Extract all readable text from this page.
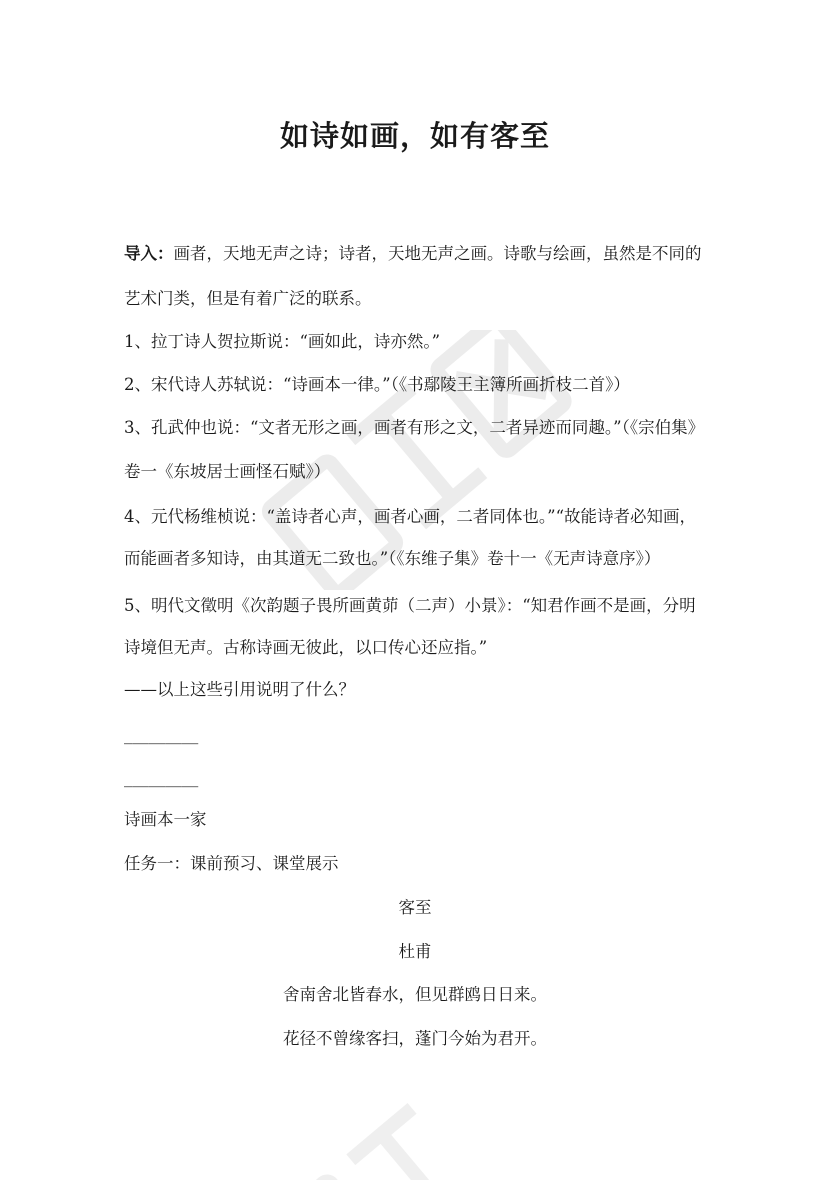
如诗如画，如有客至
导入：画者，天地无声之诗；诗者，天地无声之画。诗歌与绘画，虽然是不同的
艺术门类，但是有着广泛的联系。
1、拉丁诗人贺拉斯说：“画如此，诗亦然。”
2、宋代诗人苏轼说：“诗画本一律。”（《书鄢陵王主簿所画折枝二首》）
3、孔武仲也说：“文者无形之画，画者有形之文，二者异迹而同趣。”（《宗伯集》
卷一《东坡居士画怪石赋》）
4、元代杨维桢说：“盖诗者心声，画者心画，二者同体也。”“故能诗者必知画，
而能画者多知诗，由其道无二致也。”（《东维子集》卷十一《无声诗意序》）
5、明代文徵明《次韵题子畏所画黄茆（二声）小景》：“知君作画不是画，分明
诗境但无声。古称诗画无彼此，以口传心还应指。”
——以上这些引用说明了什么？
_________
_________
诗画本一家
任务一：课前预习、课堂展示
客至
杜甫
舍南舍北皆春水，但见群鸥日日来。
花径不曾缘客扫，蓬门今始为君开。
